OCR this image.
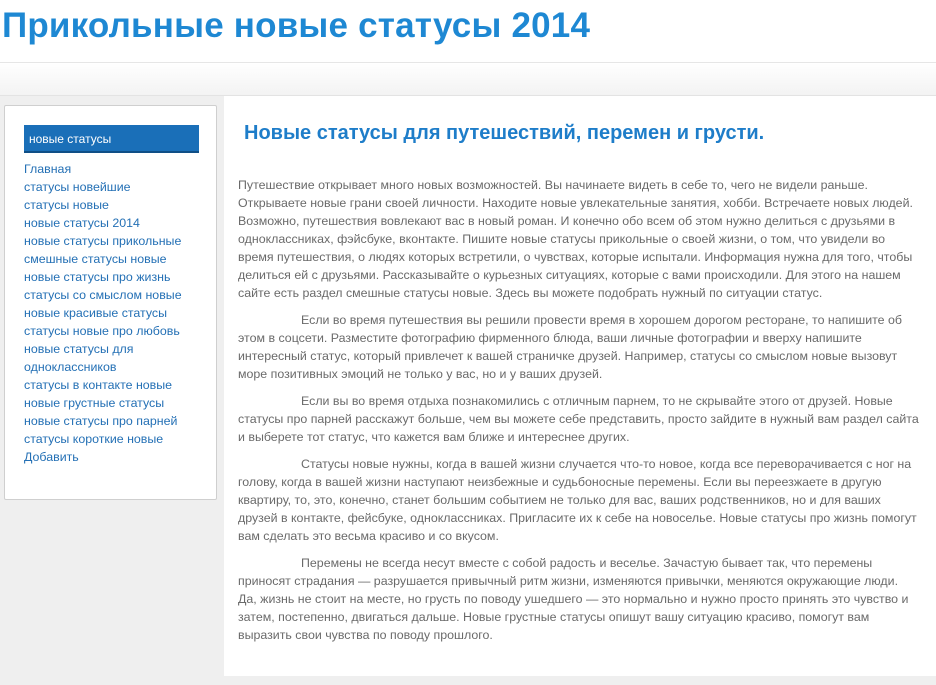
Прикольные новые статусы 2014
новые статусы
Главная
статусы новейшие
статусы новые
новые статусы 2014
новые статусы прикольные
смешные статусы новые
новые статусы про жизнь
статусы со смыслом новые
новые красивые статусы
статусы новые про любовь
новые статусы для одноклассников
статусы в контакте новые
новые грустные статусы
новые статусы про парней
статусы короткие новые
Добавить
Новые статусы для путешествий, перемен и грусти.

Путешествие открывает много новых возможностей. Вы начинаете видеть в себе то, чего не видели раньше. Открываете новые грани своей личности. Находите новые увлекательные занятия, хобби. Встречаете новых людей. Возможно, путешествия вовлекают вас в новый роман. И конечно обо всем об этом нужно делиться с друзьями в одноклассниках, фэйсбуке, вконтакте. Пишите новые статусы прикольные о своей жизни, о том, что увидели во время путешествия, о людях которых встретили, о чувствах, которые испытали. Информация нужна для того, чтобы делиться ей с друзьями. Рассказывайте о курьезных ситуациях, которые с вами происходили. Для этого на нашем сайте есть раздел смешные статусы новые. Здесь вы можете подобрать нужный по ситуации статус.

Если во время путешествия вы решили провести время в хорошем дорогом ресторане, то напишите об этом в соцсети. Разместите фотографию фирменного блюда, ваши личные фотографии и вверху напишите интересный статус, который привлечет к вашей страничке друзей. Например, статусы со смыслом новые вызовут море позитивных эмоций не только у вас, но и у ваших друзей.

Если вы во время отдыха познакомились с отличным парнем, то не скрывайте этого от друзей. Новые статусы про парней расскажут больше, чем вы можете себе представить, просто зайдите в нужный вам раздел сайта и выберете тот статус, что кажется вам ближе и интереснее других.

Статусы новые нужны, когда в вашей жизни случается что-то новое, когда все переворачивается с ног на голову, когда в вашей жизни наступают неизбежные и судьбоносные перемены. Если вы переезжаете в другую квартиру, то, это, конечно, станет большим событием не только для вас, ваших родственников, но и для ваших друзей в контакте, фейсбуке, одноклассниках. Пригласите их к себе на новоселье. Новые статусы про жизнь помогут вам сделать это весьма красиво и со вкусом.

Перемены не всегда несут вместе с собой радость и веселье. Зачастую бывает так, что перемены приносят страдания — разрушается привычный ритм жизни, изменяются привычки, меняются окружающие люди. Да, жизнь не стоит на месте, но грусть по поводу ушедшего — это нормально и нужно просто принять это чувство и затем, постепенно, двигаться дальше. Новые грустные статусы опишут вашу ситуацию красиво, помогут вам выразить свои чувства по поводу прошлого.
